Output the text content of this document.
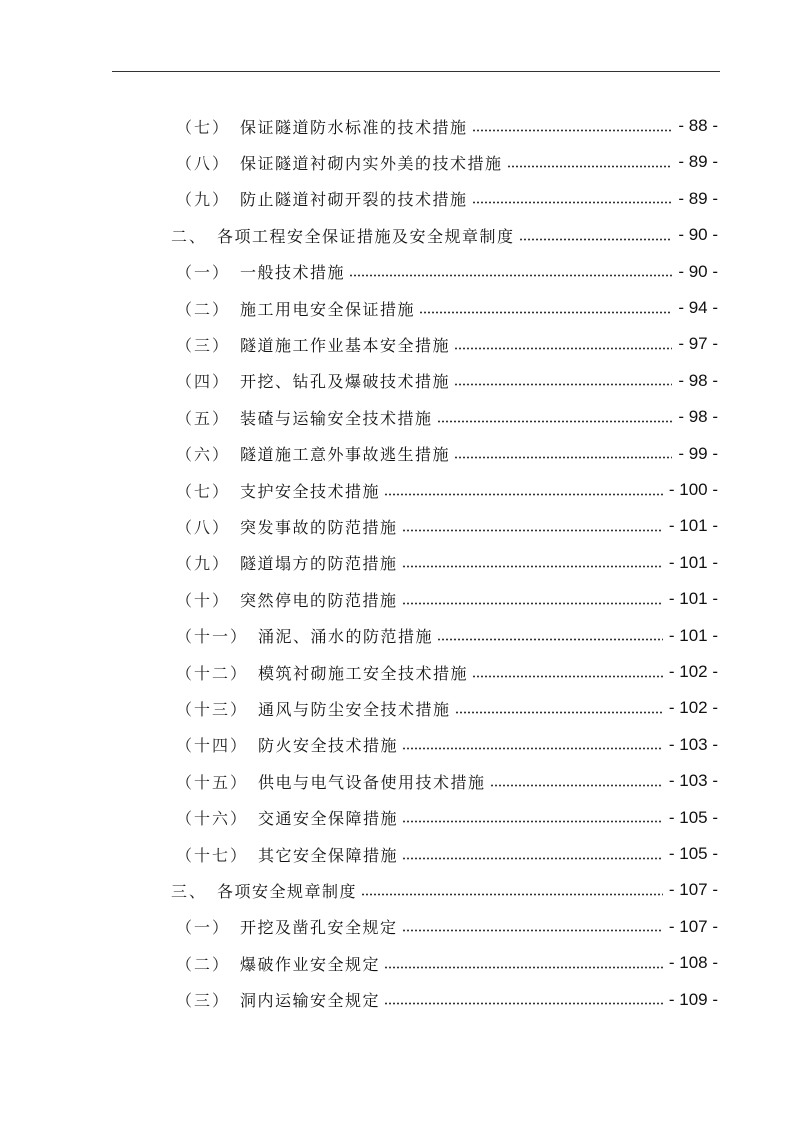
（七） 保证隧道防水标准的技术措施	- 88 -
（八） 保证隧道衬砌内实外美的技术措施	- 89 -
（九） 防止隧道衬砌开裂的技术措施	- 89 -
二、 各项工程安全保证措施及安全规章制度	- 90 -
（一） 一般技术措施	- 90 -
（二） 施工用电安全保证措施	- 94 -
（三） 隧道施工作业基本安全措施	- 97 -
（四） 开挖、钻孔及爆破技术措施	- 98 -
（五） 装碴与运输安全技术措施	- 98 -
（六） 隧道施工意外事故逃生措施	- 99 -
（七） 支护安全技术措施	- 100 -
（八） 突发事故的防范措施	- 101 -
（九） 隧道塌方的防范措施	- 101 -
（十） 突然停电的防范措施	- 101 -
（十一） 涌泥、涌水的防范措施	- 101 -
（十二） 模筑衬砌施工安全技术措施	- 102 -
（十三） 通风与防尘安全技术措施	- 102 -
（十四） 防火安全技术措施	- 103 -
（十五） 供电与电气设备使用技术措施	- 103 -
（十六） 交通安全保障措施	- 105 -
（十七） 其它安全保障措施	- 105 -
三、 各项安全规章制度	- 107 -
（一） 开挖及凿孔安全规定	- 107 -
（二） 爆破作业安全规定	- 108 -
（三） 洞内运输安全规定	- 109 -
